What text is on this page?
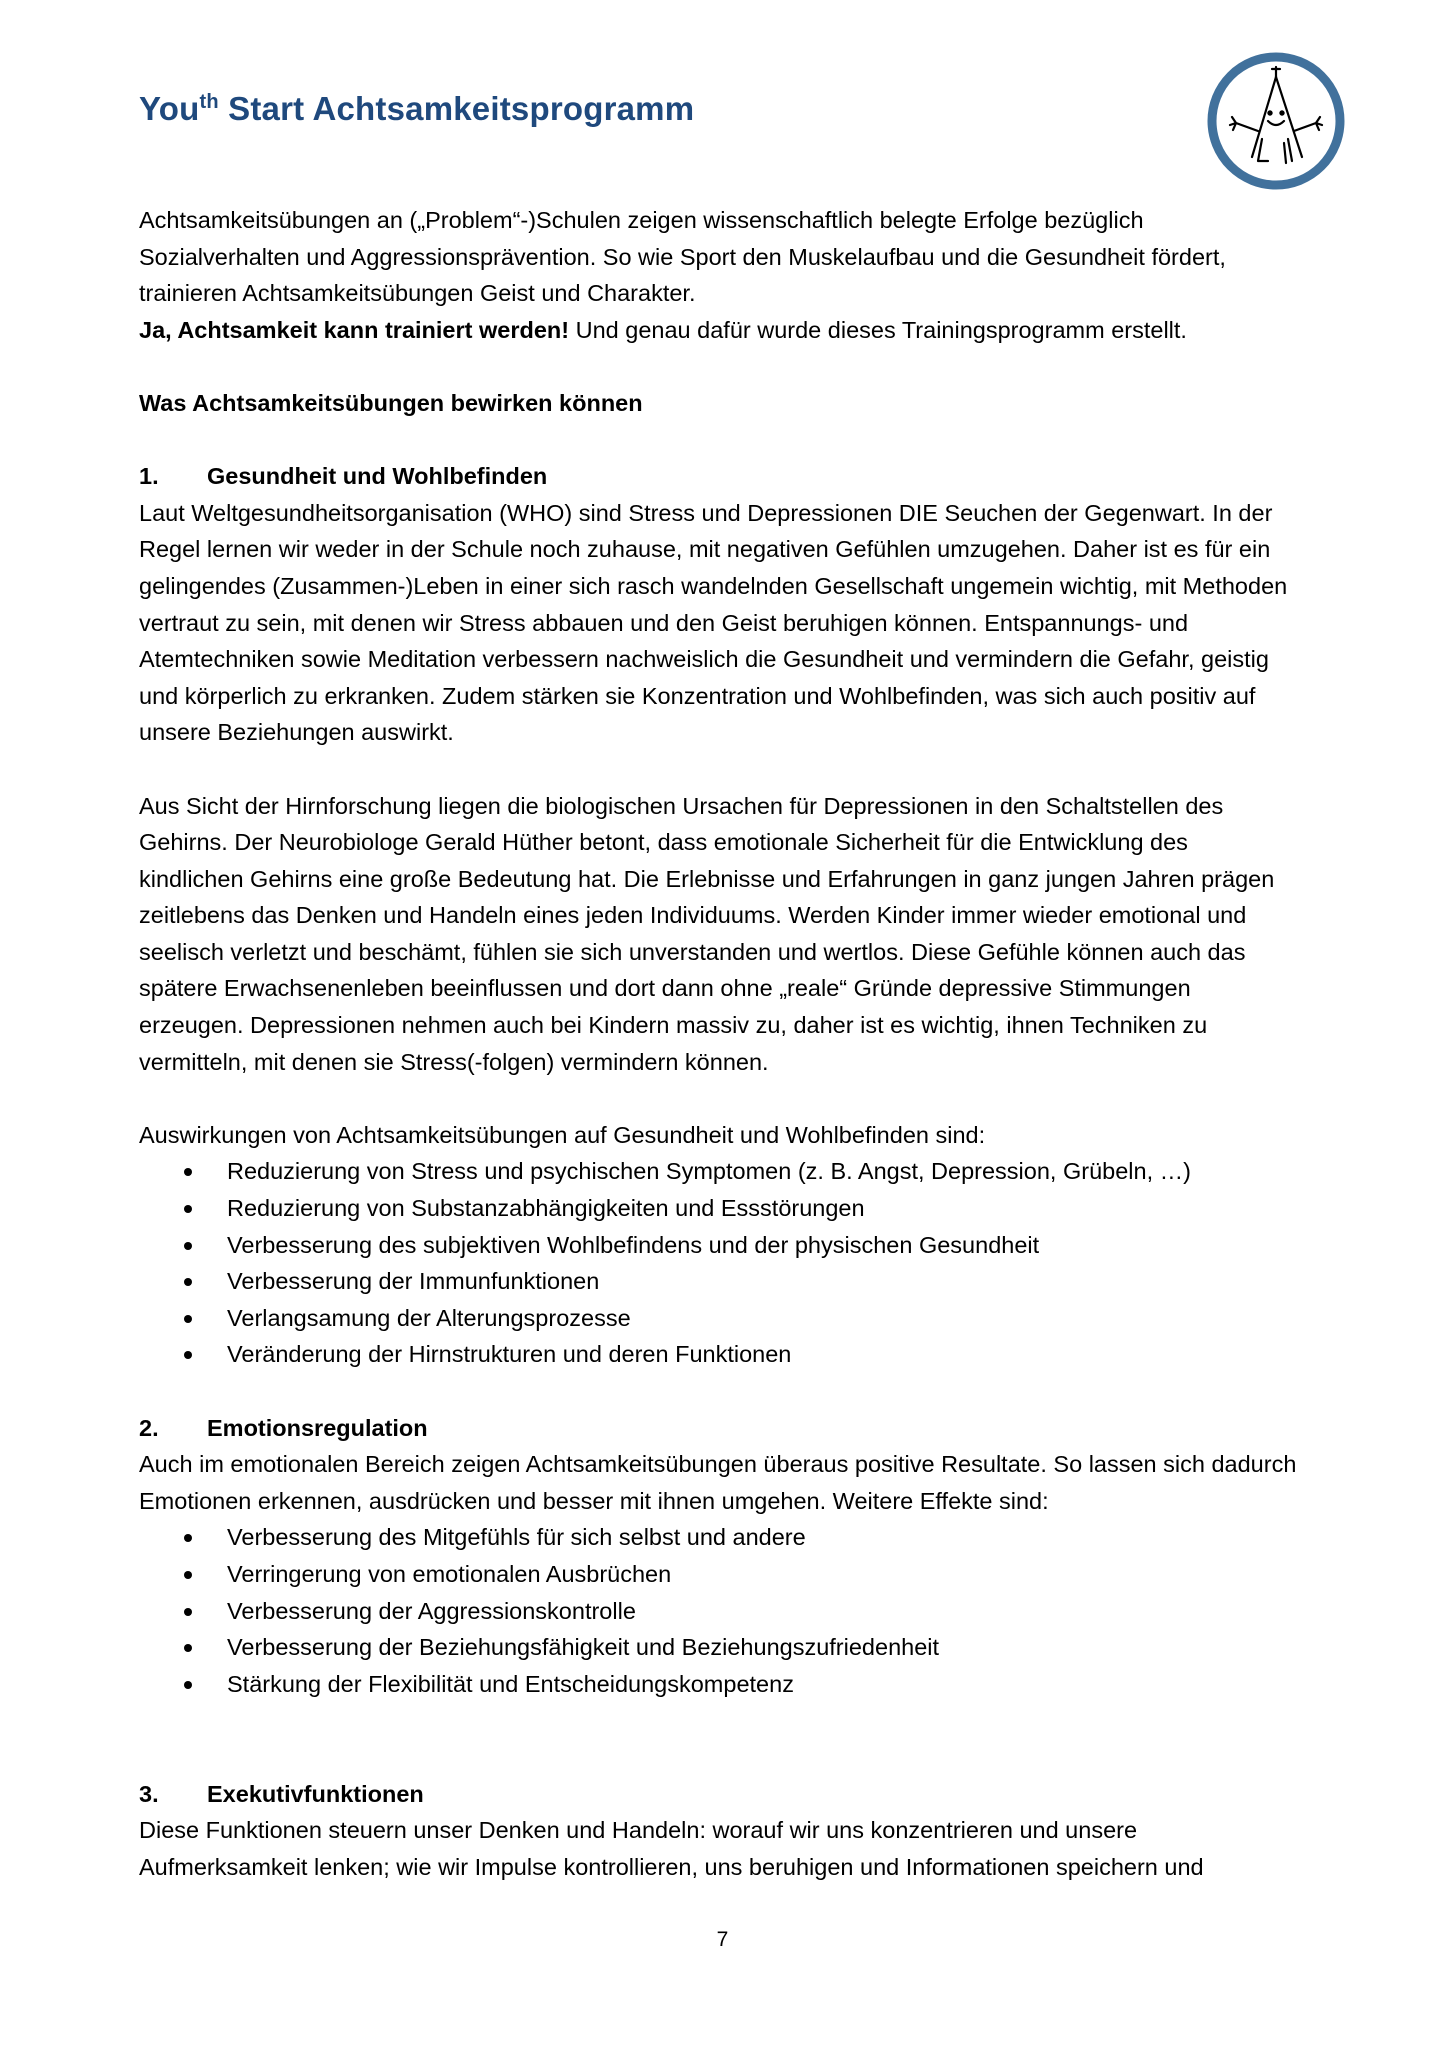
You$^{th}$ Start Achtsamkeitsprogramm

Achtsamkeitsübungen an („Problem“-)Schulen zeigen wissenschaftlich belegte Erfolge bezüglich

Sozialverhalten und Aggressionsprävention. So wie Sport den Muskelaufbau und die Gesundheit fördert,

trainieren Achtsamkeitsübungen Geist und Charakter.

Ja, Achtsamkeit kann trainiert werden! Und genau dafür wurde dieses Trainingsprogramm erstellt.

Was Achtsamkeitsübungen bewirken können

1. Gesundheit und Wohlbefinden

Laut Weltgesundheitsorganisation (WHO) sind Stress und Depressionen DIE Seuchen der Gegenwart. In der

Regel lernen wir weder in der Schule noch zuhause, mit negativen Gefühlen umzugehen. Daher ist es für ein

gelingendes (Zusammen-)Leben in einer sich rasch wandelnden Gesellschaft ungemein wichtig, mit Methoden

vertraut zu sein, mit denen wir Stress abbauen und den Geist beruhigen können. Entspannungs- und

Atemtechniken sowie Meditation verbessern nachweislich die Gesundheit und vermindern die Gefahr, geistig

und körperlich zu erkranken. Zudem stärken sie Konzentration und Wohlbefinden, was sich auch positiv auf

unsere Beziehungen auswirkt.

Aus Sicht der Hirnforschung liegen die biologischen Ursachen für Depressionen in den Schaltstellen des

Gehirns. Der Neurobiologe Gerald Hüther betont, dass emotionale Sicherheit für die Entwicklung des

kindlichen Gehirns eine große Bedeutung hat. Die Erlebnisse und Erfahrungen in ganz jungen Jahren prägen

zeitlebens das Denken und Handeln eines jeden Individuums. Werden Kinder immer wieder emotional und

seelisch verletzt und beschämt, fühlen sie sich unverstanden und wertlos. Diese Gefühle können auch das

spätere Erwachsenenleben beeinflussen und dort dann ohne „reale“ Gründe depressive Stimmungen

erzeugen. Depressionen nehmen auch bei Kindern massiv zu, daher ist es wichtig, ihnen Techniken zu

vermitteln, mit denen sie Stress(-folgen) vermindern können.

Auswirkungen von Achtsamkeitsübungen auf Gesundheit und Wohlbefinden sind:

Reduzierung von Stress und psychischen Symptomen (z. B. Angst, Depression, Grübeln, …)
Reduzierung von Substanzabhängigkeiten und Essstörungen
Verbesserung des subjektiven Wohlbefindens und der physischen Gesundheit
Verbesserung der Immunfunktionen
Verlangsamung der Alterungsprozesse
Veränderung der Hirnstrukturen und deren Funktionen

2. Emotionsregulation

Auch im emotionalen Bereich zeigen Achtsamkeitsübungen überaus positive Resultate. So lassen sich dadurch

Emotionen erkennen, ausdrücken und besser mit ihnen umgehen. Weitere Effekte sind:

Verbesserung des Mitgefühls für sich selbst und andere
Verringerung von emotionalen Ausbrüchen
Verbesserung der Aggressionskontrolle
Verbesserung der Beziehungsfähigkeit und Beziehungszufriedenheit
Stärkung der Flexibilität und Entscheidungskompetenz

3. Exekutivfunktionen

Diese Funktionen steuern unser Denken und Handeln: worauf wir uns konzentrieren und unsere

Aufmerksamkeit lenken; wie wir Impulse kontrollieren, uns beruhigen und Informationen speichern und

7
